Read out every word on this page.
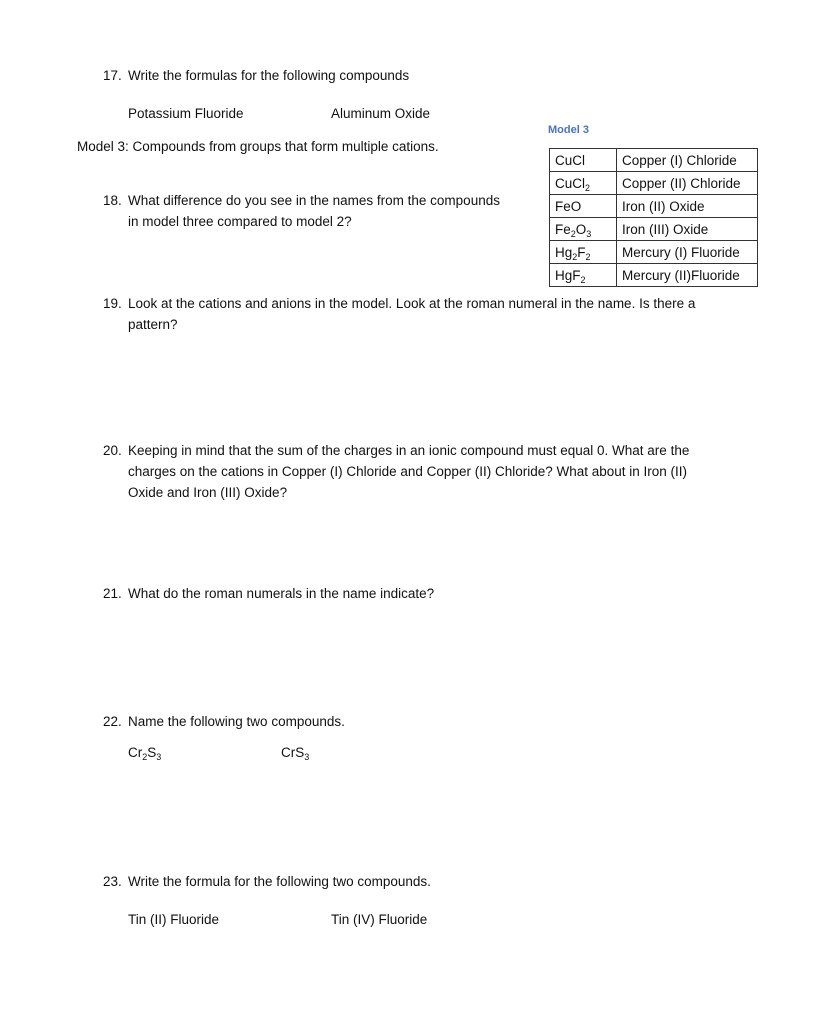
17. Write the formulas for the following compounds
Potassium Fluoride	Aluminum Oxide
Model 3
Model 3: Compounds from groups that form multiple cations.
CuCl	Copper (I) Chloride
CuCl$_2$	Copper (II) Chloride
FeO	Iron (II) Oxide
$Fe_2O_3$	Iron (III) Oxide
$Hg_2F_2$	Mercury (I) Fluoride
HgF$_2$	Mercury (II)Fluoride
18. What difference do you see in the names from the compounds
in model three compared to model 2?
19. Look at the cations and anions in the model. Look at the roman numeral in the name. Is there a
pattern?
20. Keeping in mind that the sum of the charges in an ionic compound must equal 0. What are the
charges on the cations in Copper (I) Chloride and Copper (II) Chloride? What about in Iron (II)
Oxide and Iron (III) Oxide?
21. What do the roman numerals in the name indicate?
22. Name the following two compounds.
$Cr_2S_3$	CrS$_3$
23. Write the formula for the following two compounds.
Tin (II) Fluoride	Tin (IV) Fluoride
